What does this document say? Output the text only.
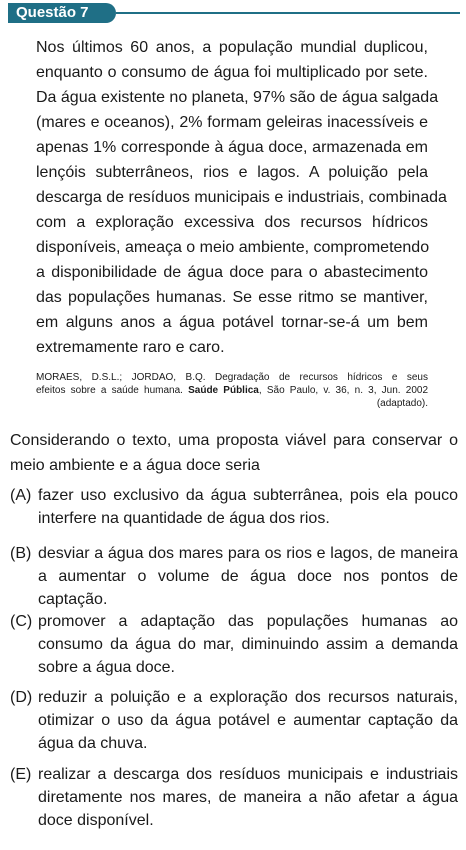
Questão 7
Nos últimos 60 anos, a população mundial duplicou,
enquanto o consumo de água foi multiplicado por sete.
Da água existente no planeta, 97% são de água salgada
(mares e oceanos), 2% formam geleiras inacessíveis e
apenas 1% corresponde à água doce, armazenada em
lençóis subterrâneos, rios e lagos. A poluição pela
descarga de resíduos municipais e industriais, combinada
com a exploração excessiva dos recursos hídricos
disponíveis, ameaça o meio ambiente, comprometendo
a disponibilidade de água doce para o abastecimento
das populações humanas. Se esse ritmo se mantiver,
em alguns anos a água potável tornar-se-á um bem
extremamente raro e caro.
MORAES, D.S.L.; JORDAO, B.Q. Degradação de recursos hídricos e seus
efeitos sobre a saúde humana. Saúde Pública, São Paulo, v. 36, n. 3, Jun. 2002
(adaptado).
Considerando o texto, uma proposta viável para conservar o
meio ambiente e a água doce seria
(A) fazer uso exclusivo da água subterrânea, pois ela pouco
interfere na quantidade de água dos rios.
(B) desviar a água dos mares para os rios e lagos, de maneira
a aumentar o volume de água doce nos pontos de
captação.
(C) promover a adaptação das populações humanas ao
consumo da água do mar, diminuindo assim a demanda
sobre a água doce.
(D) reduzir a poluição e a exploração dos recursos naturais,
otimizar o uso da água potável e aumentar captação da
água da chuva.
(E) realizar a descarga dos resíduos municipais e industriais
diretamente nos mares, de maneira a não afetar a água
doce disponível.
